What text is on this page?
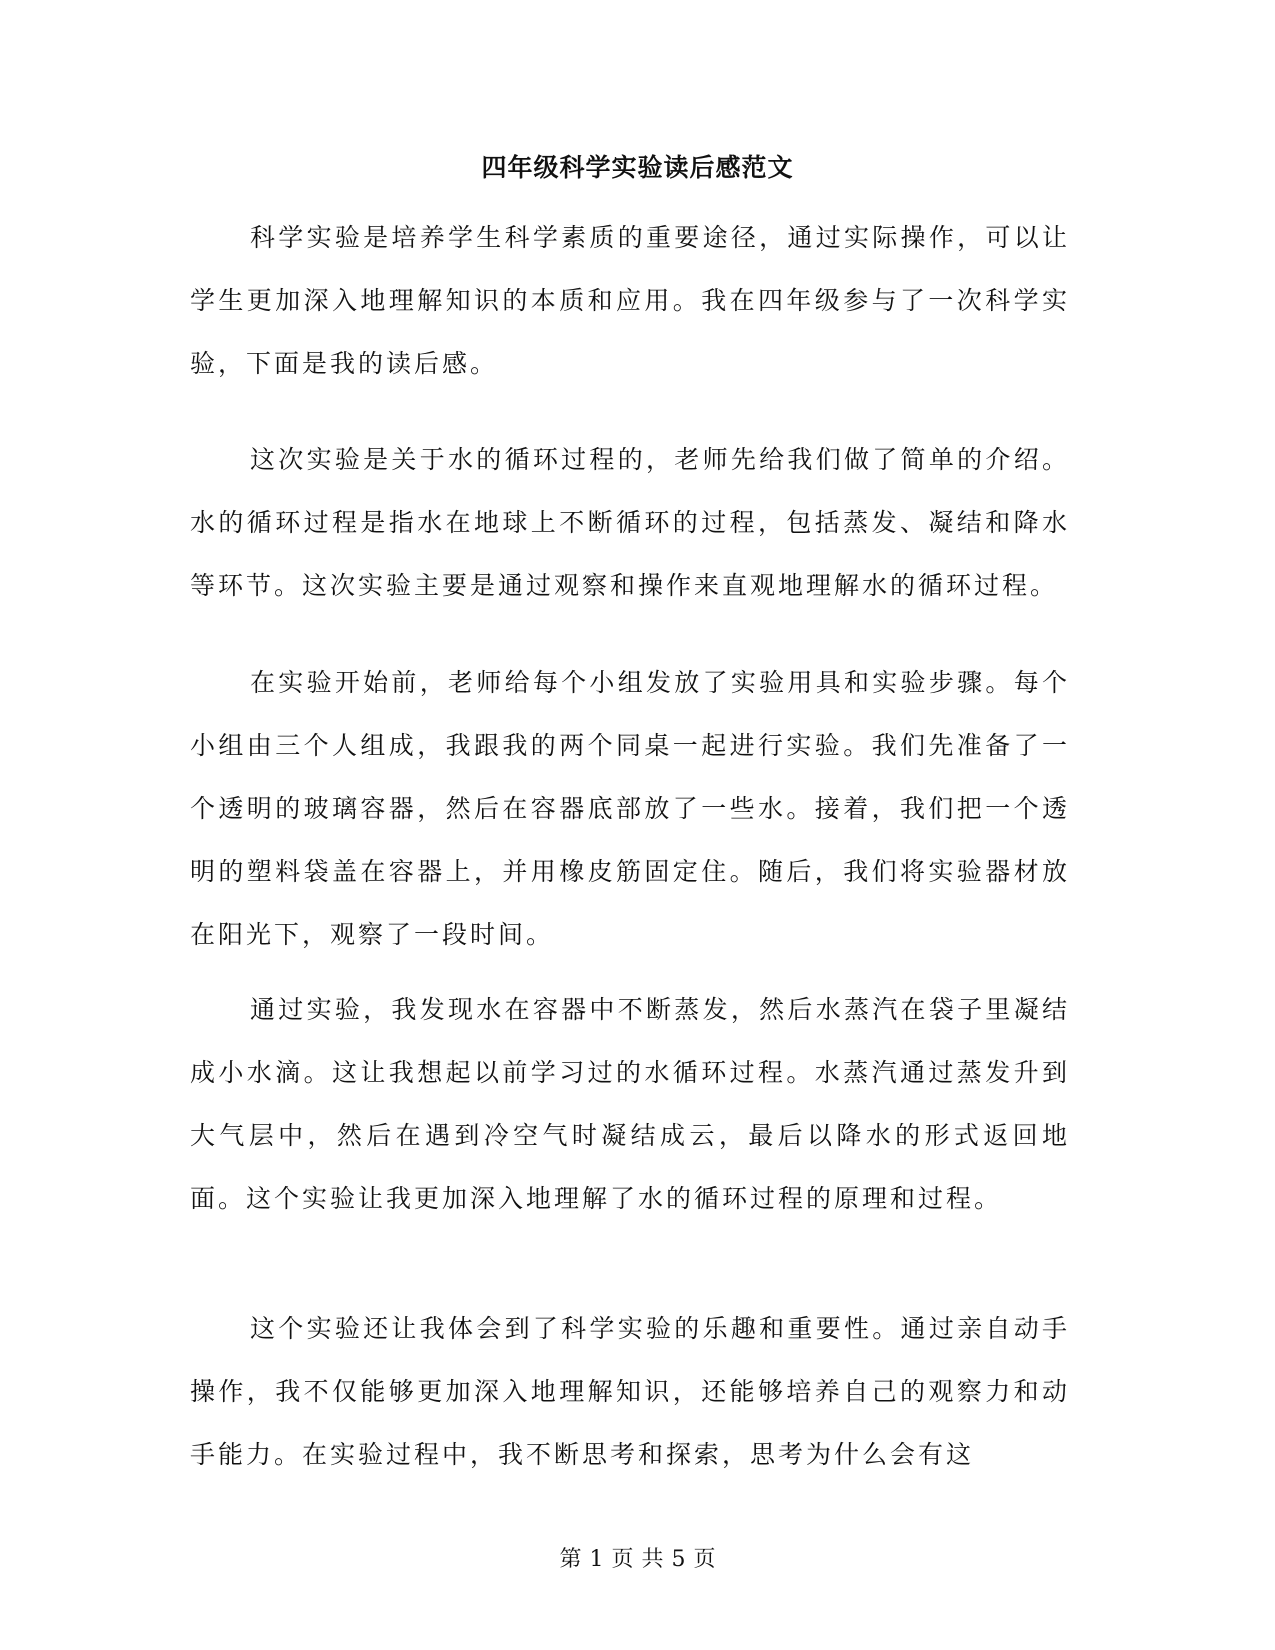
四年级科学实验读后感范文

科学实验是培养学生科学素质的重要途径，通过实际操作，可以让学生更加深入地理解知识的本质和应用。我在四年级参与了一次科学实验，下面是我的读后感。

这次实验是关于水的循环过程的，老师先给我们做了简单的介绍。水的循环过程是指水在地球上不断循环的过程，包括蒸发、凝结和降水等环节。这次实验主要是通过观察和操作来直观地理解水的循环过程。

在实验开始前，老师给每个小组发放了实验用具和实验步骤。每个小组由三个人组成，我跟我的两个同桌一起进行实验。我们先准备了一个透明的玻璃容器，然后在容器底部放了一些水。接着，我们把一个透明的塑料袋盖在容器上，并用橡皮筋固定住。随后，我们将实验器材放在阳光下，观察了一段时间。

通过实验，我发现水在容器中不断蒸发，然后水蒸汽在袋子里凝结成小水滴。这让我想起以前学习过的水循环过程。水蒸汽通过蒸发升到大气层中，然后在遇到冷空气时凝结成云，最后以降水的形式返回地面。这个实验让我更加深入地理解了水的循环过程的原理和过程。

这个实验还让我体会到了科学实验的乐趣和重要性。通过亲自动手操作，我不仅能够更加深入地理解知识，还能够培养自己的观察力和动手能力。在实验过程中，我不断思考和探索，思考为什么会有这

第 1 页 共 5 页
